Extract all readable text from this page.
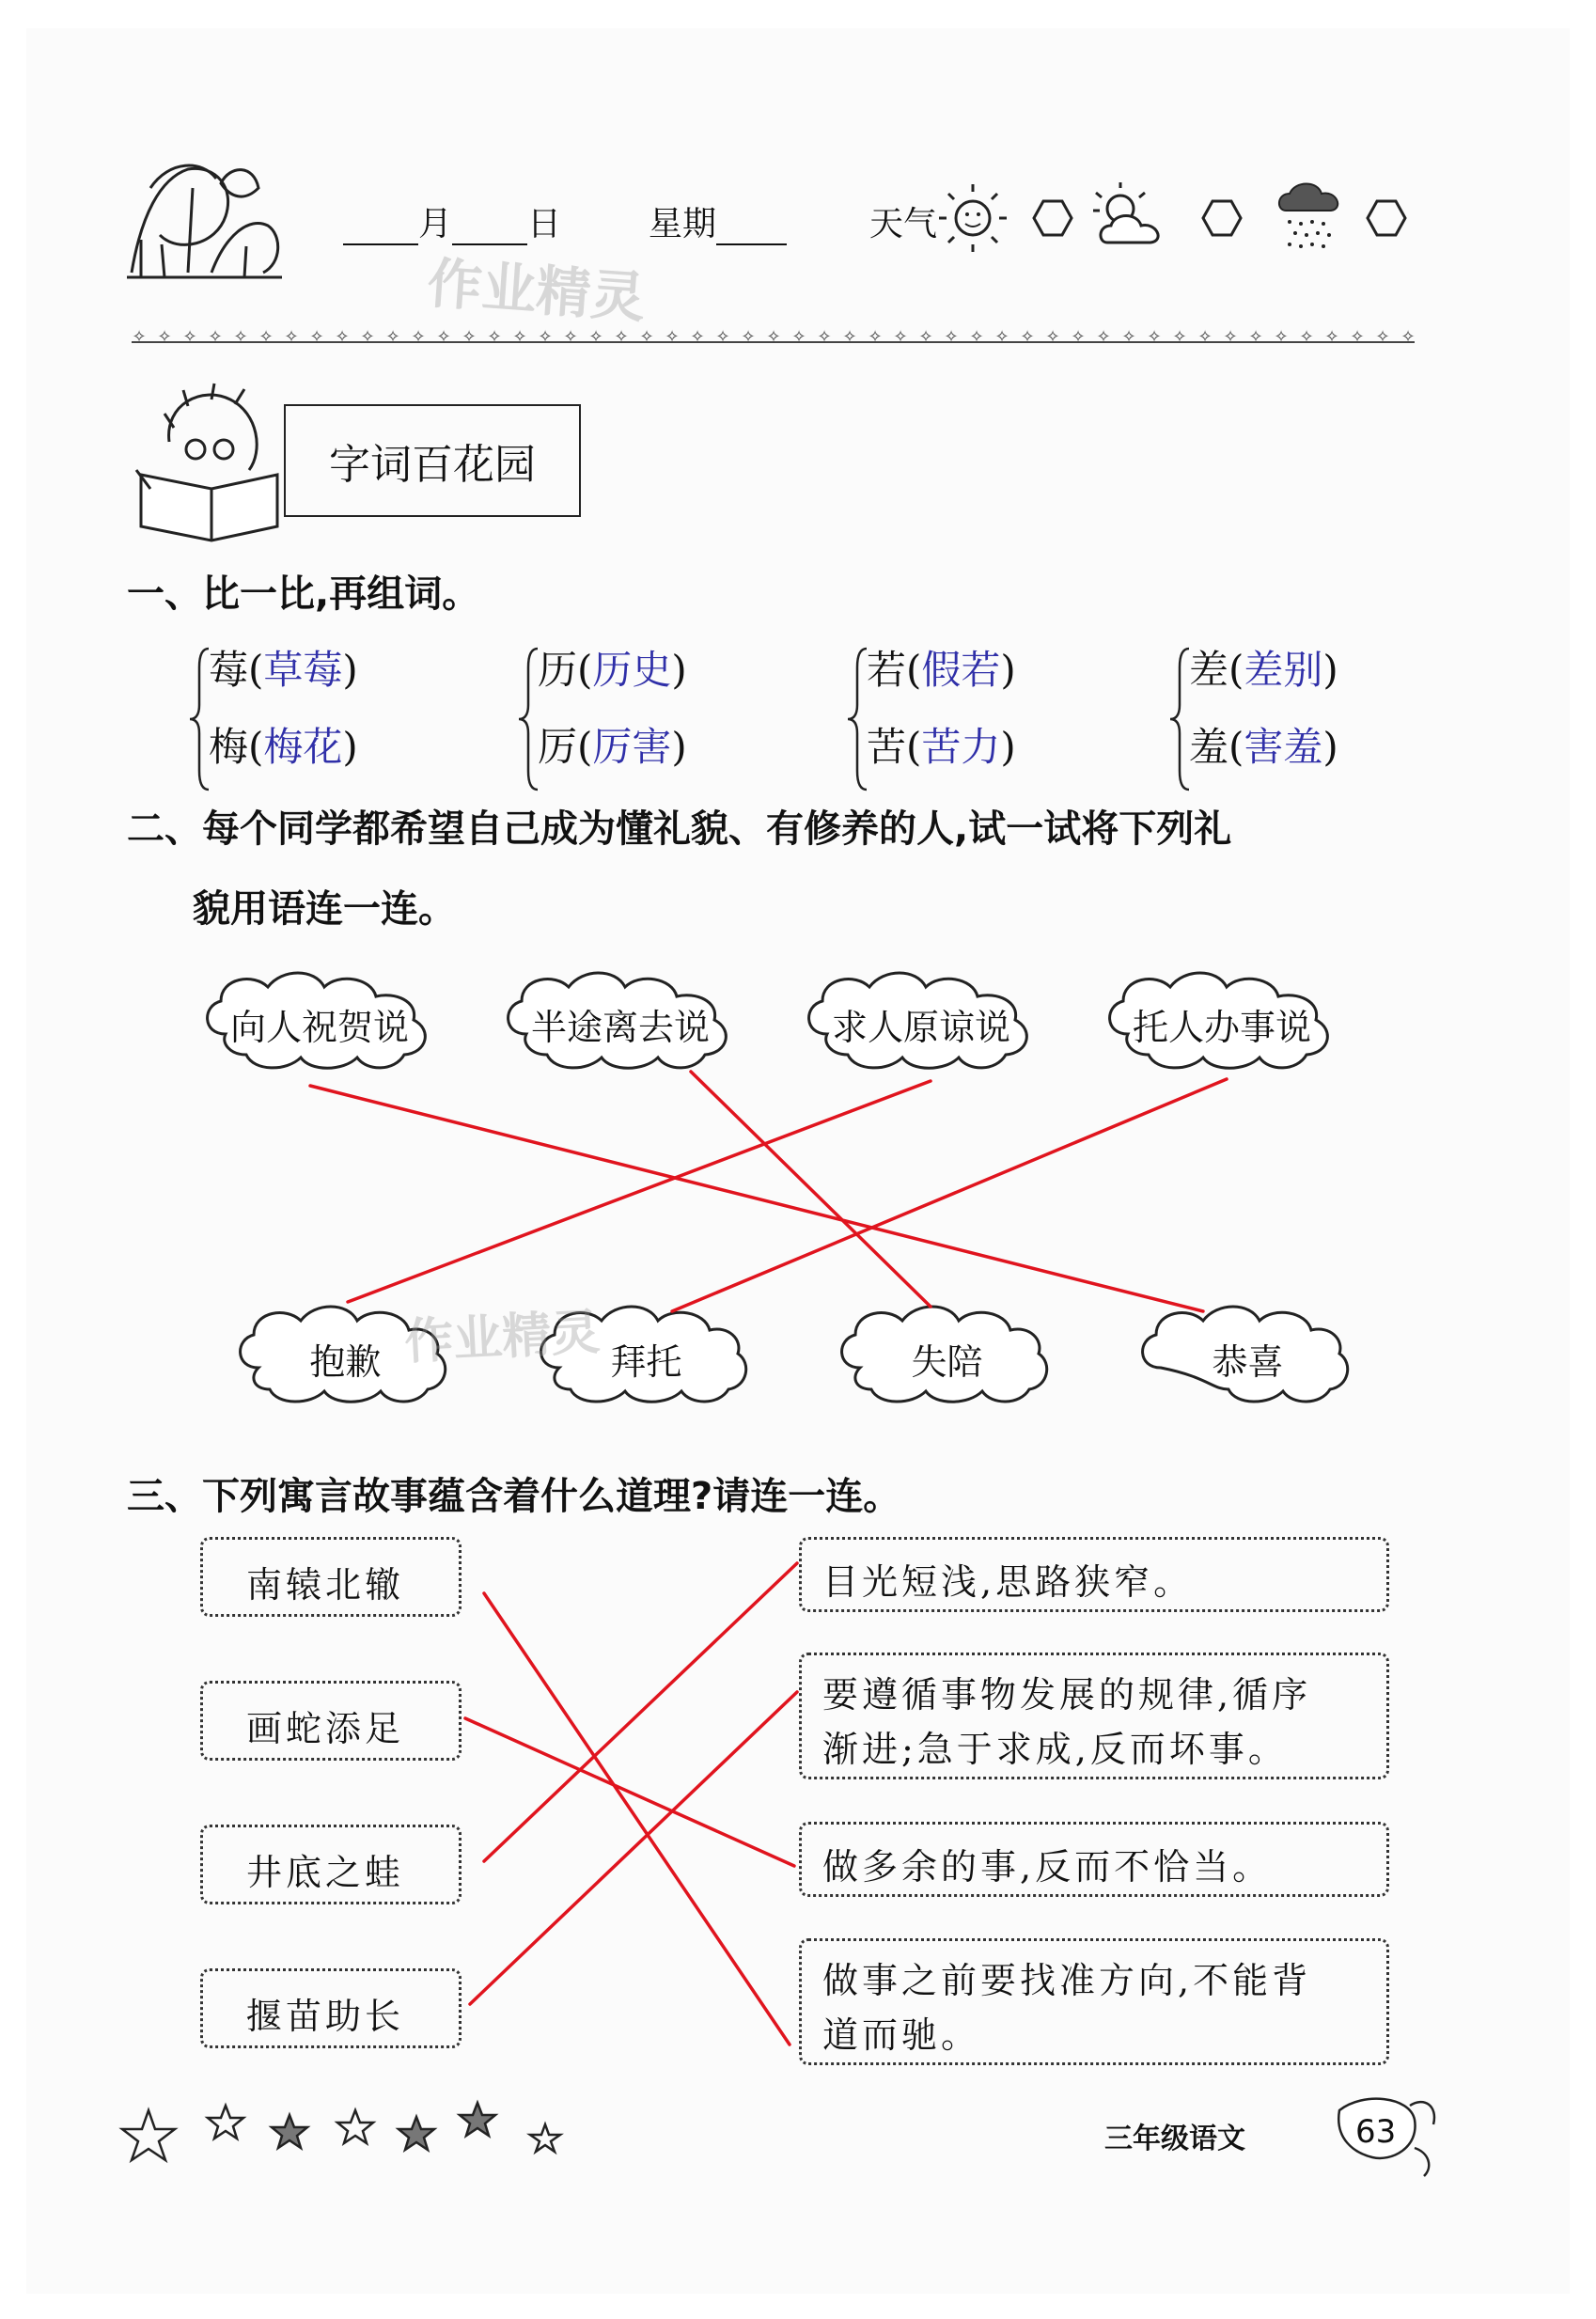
月 日	星期	天气
作业精灵
✧ ✧ ✧ ✧ ✧ ✧ ✧ ✧ ✧ ✧ ✧ ✧ ✧ ✧ ✧ ✧ ✧ ✧ ✧ ✧ ✧ ✧ ✧ ✧ ✧ ✧ ✧ ✧ ✧ ✧ ✧ ✧ ✧ ✧ ✧ ✧ ✧ ✧ ✧ ✧ ✧ ✧ ✧ ✧ ✧ ✧ ✧ ✧ ✧ ✧ ✧
字词百花园
一、比一比,再组词。
莓(草莓)
梅(梅花)
历(历史)
厉(厉害)
若(假若)
苦(苦力)
差(差别)
羞(害羞)
二、每个同学都希望自己成为懂礼貌、有修养的人,试一试将下列礼
貌用语连一连。
向人祝贺说	半途离去说	求人原谅说	托人办事说
抱歉	拜托	失陪	恭喜
作业精灵
三、下列寓言故事蕴含着什么道理?请连一连。
南辕北辙
画蛇添足
井底之蛙
揠苗助长
目光短浅,思路狭窄。
要遵循事物发展的规律,循序
渐进;急于求成,反而坏事。
做多余的事,反而不恰当。
做事之前要找准方向,不能背
道而驰。
三年级语文	63
